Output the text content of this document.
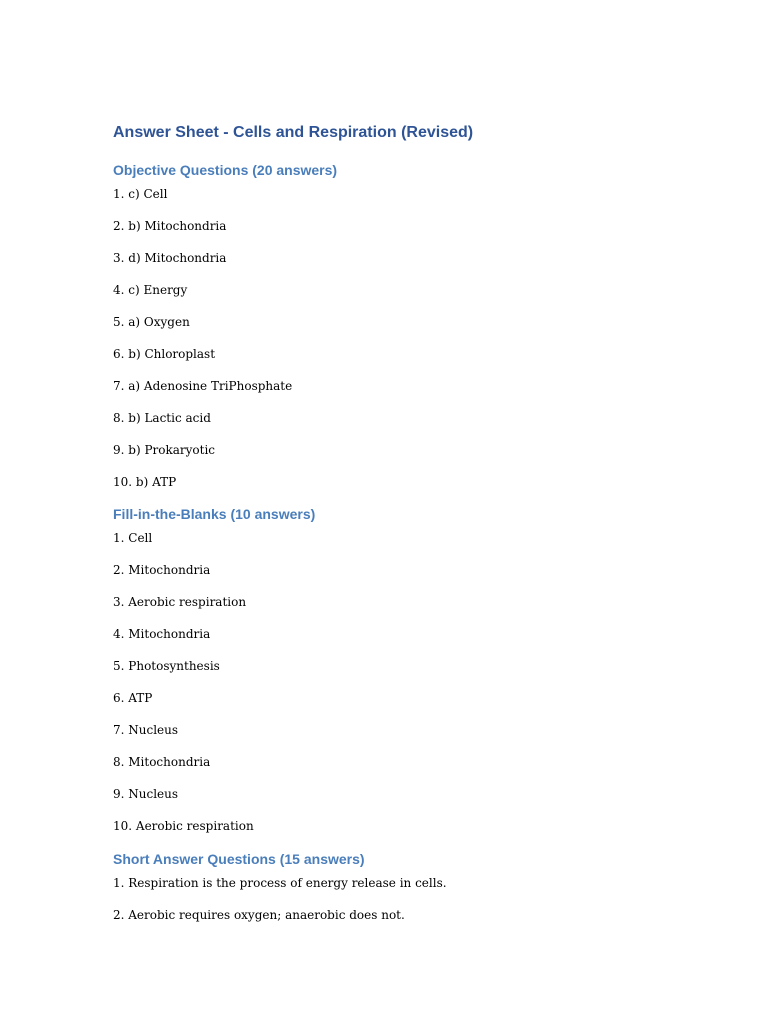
Answer Sheet - Cells and Respiration (Revised)
Objective Questions (20 answers)

1. c) Cell

2. b) Mitochondria

3. d) Mitochondria

4. c) Energy

5. a) Oxygen

6. b) Chloroplast

7. a) Adenosine TriPhosphate

8. b) Lactic acid

9. b) Prokaryotic

10. b) ATP

Fill-in-the-Blanks (10 answers)

1. Cell

2. Mitochondria

3. Aerobic respiration

4. Mitochondria

5. Photosynthesis

6. ATP

7. Nucleus

8. Mitochondria

9. Nucleus

10. Aerobic respiration

Short Answer Questions (15 answers)

1. Respiration is the process of energy release in cells.

2. Aerobic requires oxygen; anaerobic does not.
